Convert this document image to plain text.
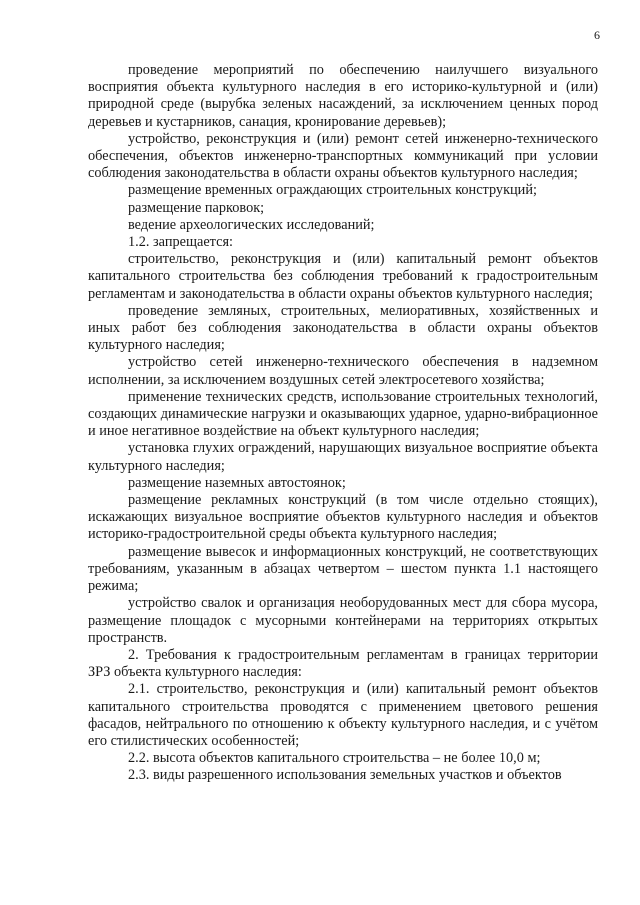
6

проведение мероприятий по обеспечению наилучшего визуального восприятия объекта культурного наследия в его историко-культурной и (или) природной среде (вырубка зеленых насаждений, за исключением ценных пород деревьев и кустарников, санация, кронирование деревьев);

устройство, реконструкция и (или) ремонт сетей инженерно-технического обеспечения, объектов инженерно-транспортных коммуникаций при условии соблюдения законодательства в области охраны объектов культурного наследия;

размещение временных ограждающих строительных конструкций;

размещение парковок;

ведение археологических исследований;

1.2. запрещается:

строительство, реконструкция и (или) капитальный ремонт объектов капитального строительства без соблюдения требований к градостроительным регламентам и законодательства в области охраны объектов культурного наследия;

проведение земляных, строительных, мелиоративных, хозяйственных и иных работ без соблюдения законодательства в области охраны объектов культурного наследия;

устройство сетей инженерно-технического обеспечения в надземном исполнении, за исключением воздушных сетей электросетевого хозяйства;

применение технических средств, использование строительных технологий, создающих динамические нагрузки и оказывающих ударное, ударно-вибрационное и иное негативное воздействие на объект культурного наследия;

установка глухих ограждений, нарушающих визуальное восприятие объекта культурного наследия;

размещение наземных автостоянок;

размещение рекламных конструкций (в том числе отдельно стоящих), искажающих визуальное восприятие объектов культурного наследия и объектов историко-градостроительной среды объекта культурного наследия;

размещение вывесок и информационных конструкций, не соответствующих требованиям, указанным в абзацах четвертом – шестом пункта 1.1 настоящего режима;

устройство свалок и организация необорудованных мест для сбора мусора, размещение площадок с мусорными контейнерами на территориях открытых пространств.

2. Требования к градостроительным регламентам в границах территории ЗРЗ объекта культурного наследия:

2.1. строительство, реконструкция и (или) капитальный ремонт объектов капитального строительства проводятся с применением цветового решения фасадов, нейтрального по отношению к объекту культурного наследия, и с учётом его стилистических особенностей;

2.2. высота объектов капитального строительства – не более 10,0 м;

2.3. виды разрешенного использования земельных участков и объектов
